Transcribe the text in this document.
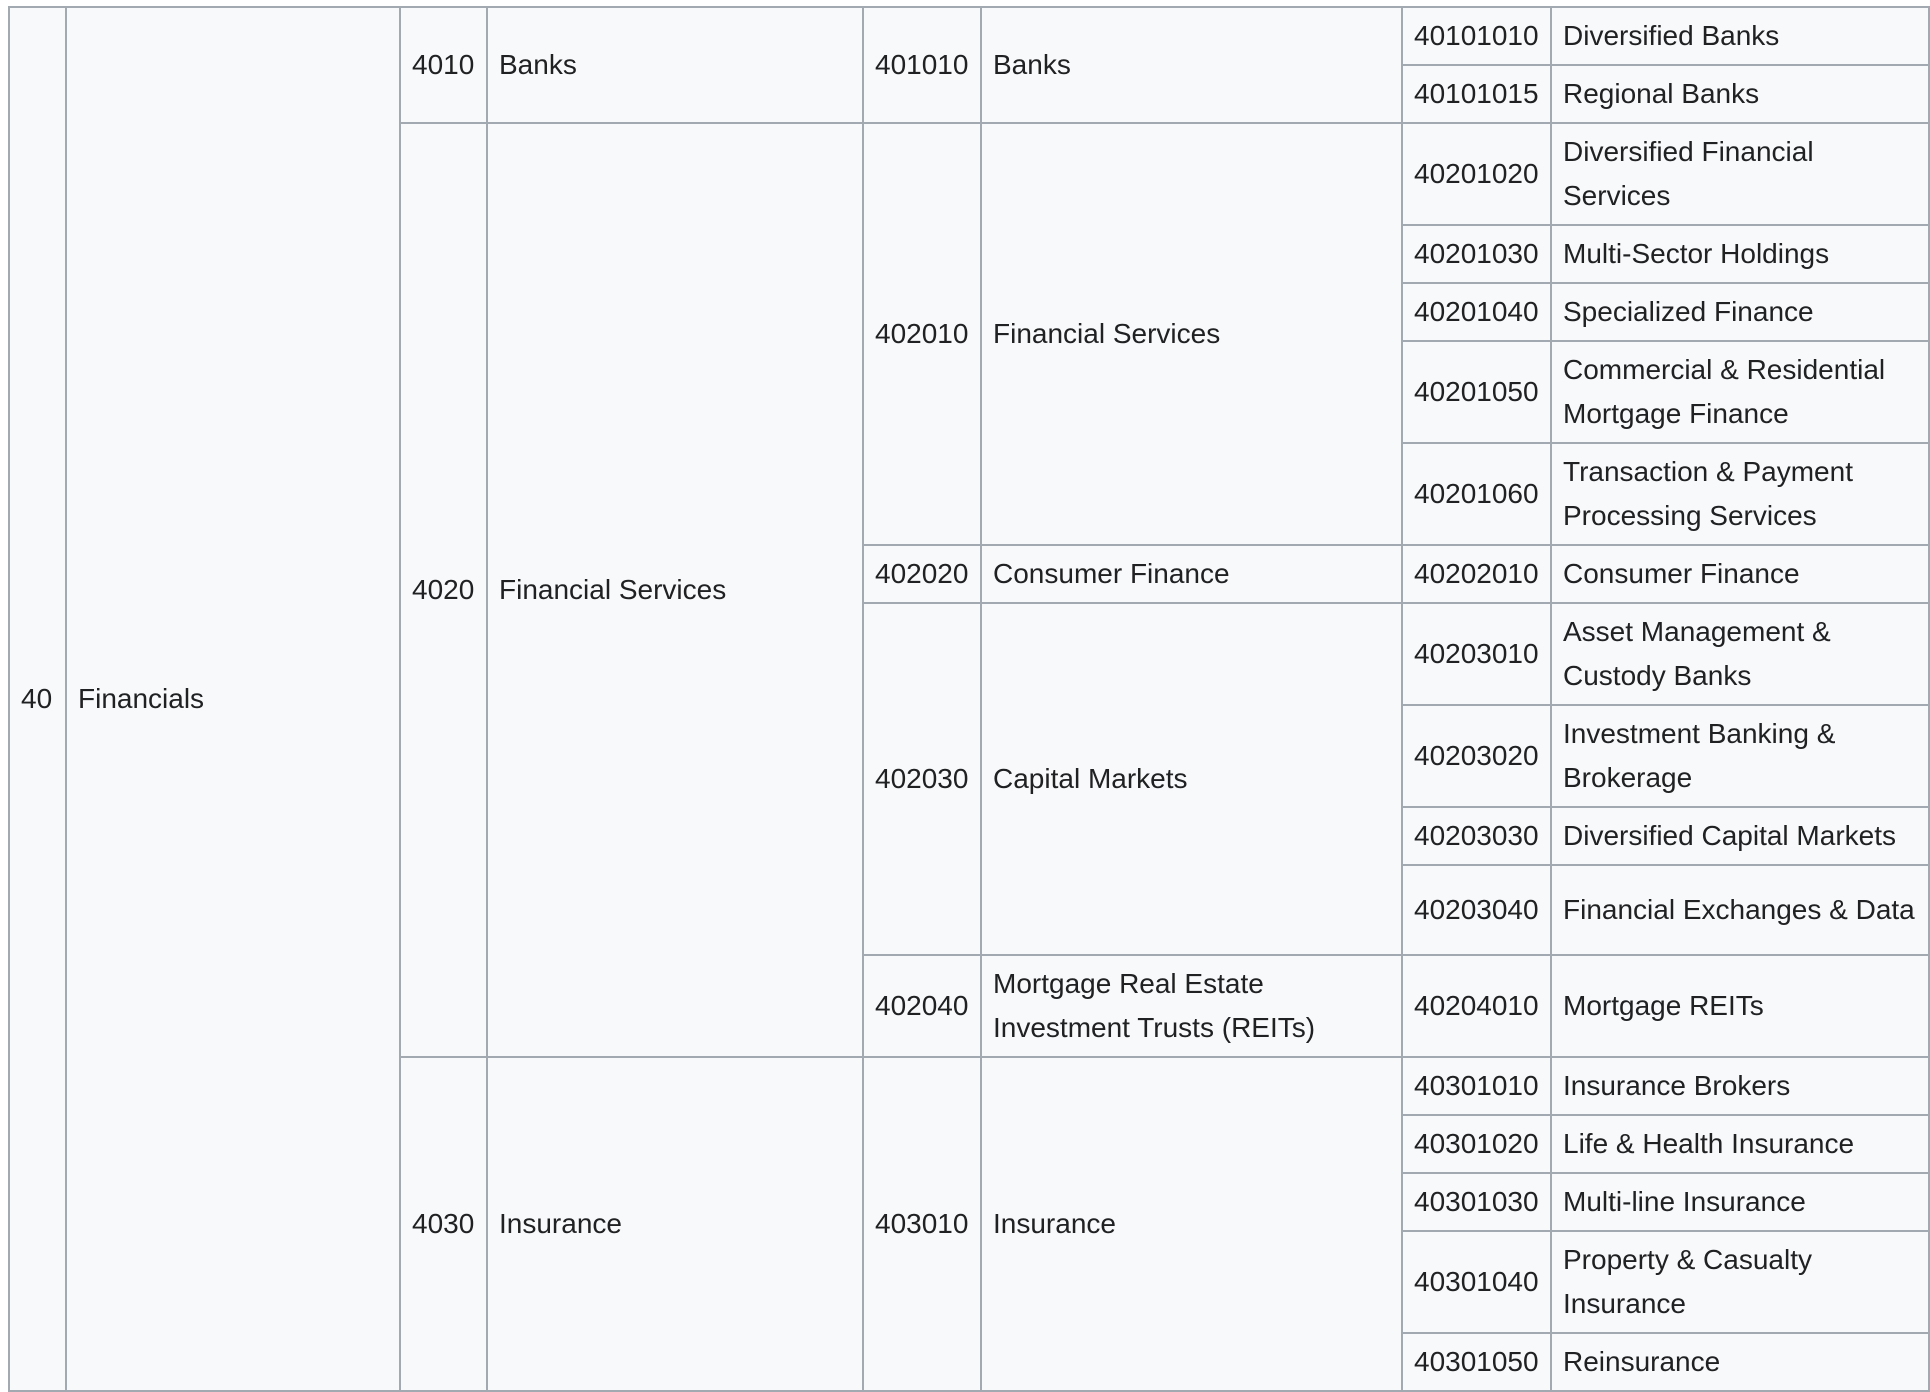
40	Financials	4010	Banks	401010	Banks	40101010	Diversified Banks
						40101015	Regional Banks
		4020	Financial Services	402010	Financial Services	40201020	Diversified Financial Services
						40201030	Multi-Sector Holdings
						40201040	Specialized Finance
						40201050	Commercial & Residential Mortgage Finance
						40201060	Transaction & Payment Processing Services
				402020	Consumer Finance	40202010	Consumer Finance
				402030	Capital Markets	40203010	Asset Management & Custody Banks
						40203020	Investment Banking & Brokerage
						40203030	Diversified Capital Markets
						40203040	Financial Exchanges & Data
				402040	Mortgage Real Estate Investment Trusts (REITs)	40204010	Mortgage REITs
		4030	Insurance	403010	Insurance	40301010	Insurance Brokers
						40301020	Life & Health Insurance
						40301030	Multi-line Insurance
						40301040	Property & Casualty Insurance
						40301050	Reinsurance
